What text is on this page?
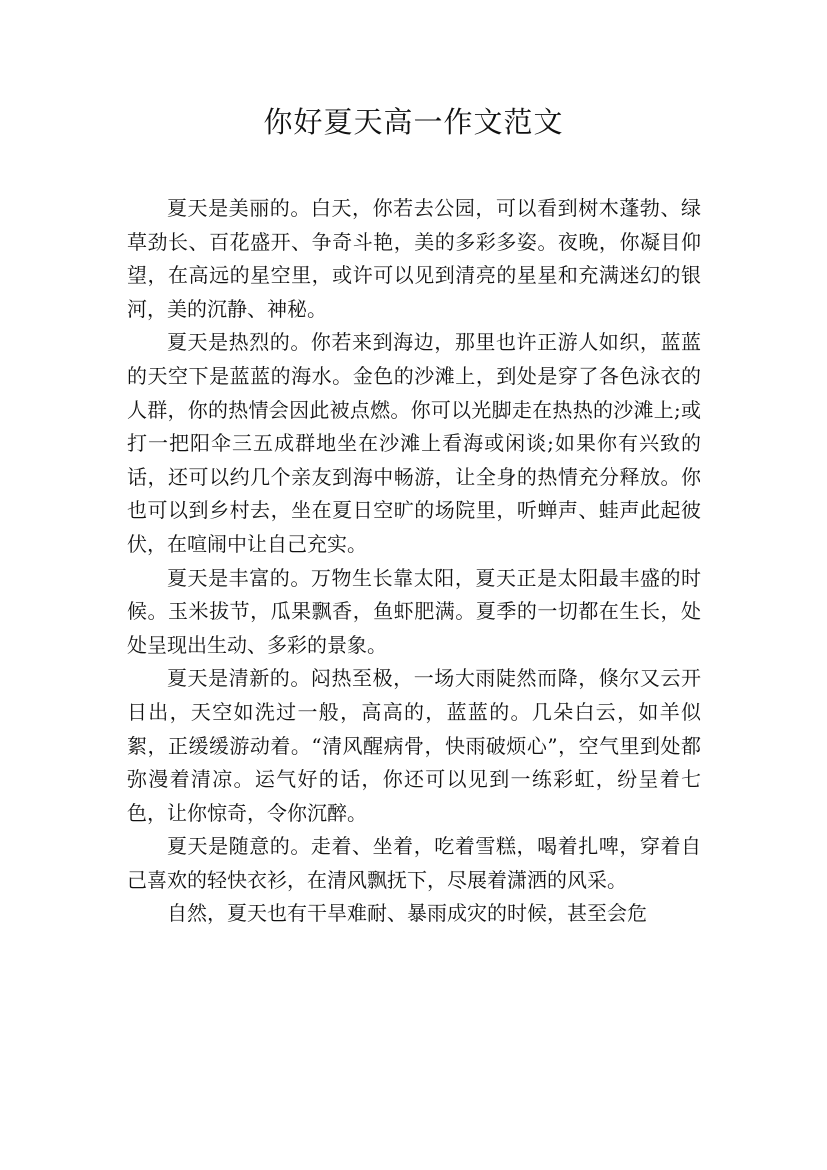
你好夏天高一作文范文

夏天是美丽的。白天，你若去公园，可以看到树木蓬勃、绿草劲长、百花盛开、争奇斗艳，美的多彩多姿。夜晚，你凝目仰望，在高远的星空里，或许可以见到清亮的星星和充满迷幻的银河，美的沉静、神秘。

夏天是热烈的。你若来到海边，那里也许正游人如织，蓝蓝的天空下是蓝蓝的海水。金色的沙滩上，到处是穿了各色泳衣的人群，你的热情会因此被点燃。你可以光脚走在热热的沙滩上;或打一把阳伞三五成群地坐在沙滩上看海或闲谈;如果你有兴致的话，还可以约几个亲友到海中畅游，让全身的热情充分释放。你也可以到乡村去，坐在夏日空旷的场院里，听蝉声、蛙声此起彼伏，在喧闹中让自己充实。

夏天是丰富的。万物生长靠太阳，夏天正是太阳最丰盛的时候。玉米拔节，瓜果飘香，鱼虾肥满。夏季的一切都在生长，处处呈现出生动、多彩的景象。

夏天是清新的。闷热至极，一场大雨陡然而降，倏尔又云开日出，天空如洗过一般，高高的，蓝蓝的。几朵白云，如羊似絮，正缓缓游动着。“清风醒病骨，快雨破烦心”，空气里到处都弥漫着清凉。运气好的话，你还可以见到一练彩虹，纷呈着七色，让你惊奇，令你沉醉。

夏天是随意的。走着、坐着，吃着雪糕，喝着扎啤，穿着自己喜欢的轻快衣衫，在清风飘抚下，尽展着潇洒的风采。

自然，夏天也有干旱难耐、暴雨成灾的时候，甚至会危
